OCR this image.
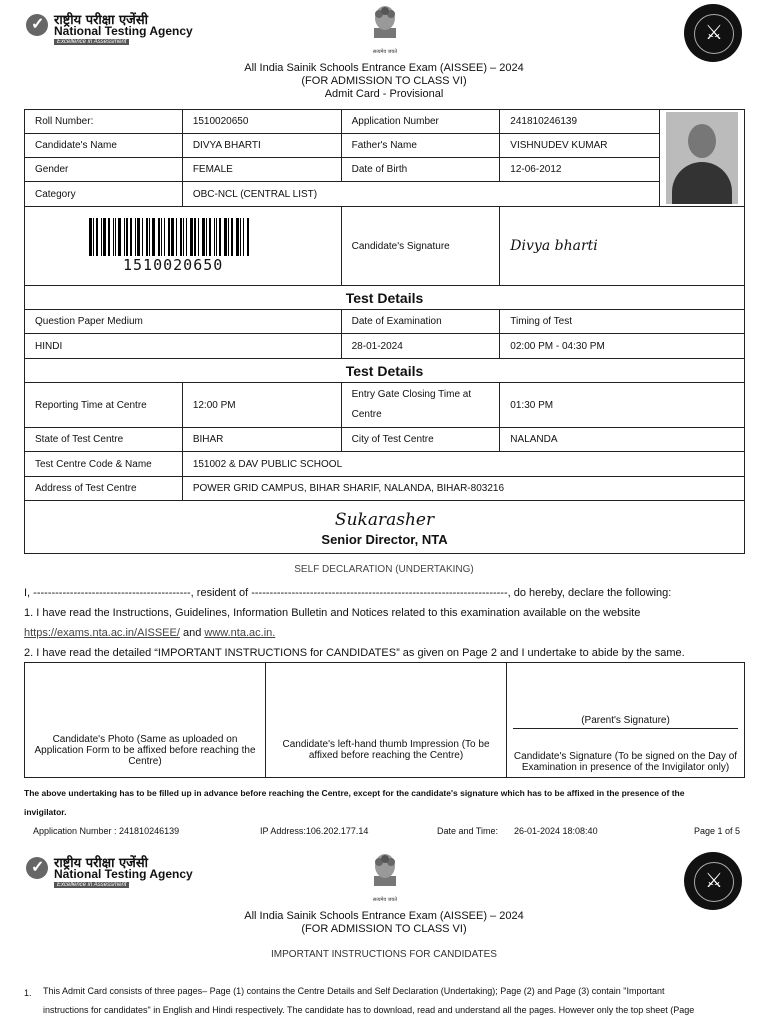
✓ राष्ट्रीय परीक्षा एजेंसी
National Testing Agency
Excellence in Assessment
सत्यमेव जयते
⚔
All India Sainik Schools Entrance Exam (AISSEE) – 2024
(FOR ADMISSION TO CLASS VI)
Admit Card - Provisional
Roll Number:	1510020650	Application Number	241810246139	

Candidate's Name	DIVYA BHARTI	Father's Name	VISHNUDEV KUMAR	
Gender	FEMALE	Date of Birth	12-06-2012	
Category	OBC-NCL (CENTRAL LIST)			

1510020650		Candidate's Signature	Divya bharti	
Test Details				
Question Paper Medium		Date of Examination	Timing of Test	
HINDI		28-01-2024	02:00 PM - 04:30 PM	
Test Details				
Reporting Time at Centre	12:00 PM	Entry Gate Closing Time at Centre	01:30 PM	
State of Test Centre	BIHAR	City of Test Centre	NALANDA	
Test Centre Code & Name	151002 & DAV PUBLIC SCHOOL			
Address of Test Centre	POWER GRID CAMPUS, BIHAR SHARIF, NALANDA, BIHAR-803216			

Sukarasher
Senior Director, NTA				
SELF DECLARATION (UNDERTAKING)
I, -------------------------------------------, resident of ----------------------------------------------------------------------, do hereby, declare the following:
1. I have read the Instructions, Guidelines, Information Bulletin and Notices related to this examination available on the website
https://exams.nta.ac.in/AISSEE/ and www.nta.ac.in.
2. I have read the detailed “IMPORTANT INSTRUCTIONS for CANDIDATES” as given on Page 2 and I undertake to abide by the same.
Candidate's Photo (Same as uploaded on Application Form to be affixed before reaching the Centre)	Candidate's left-hand thumb Impression (To be affixed before reaching the Centre)	
(Parent's Signature)
Candidate's Signature (To be signed on the Day of Examination in presence of the Invigilator only)
The above undertaking has to be filled up in advance before reaching the Centre, except for the candidate's signature which has to be affixed in the presence of the invigilator.
Application Number : 241810246139	IP Address:106.202.177.14	Date and Time: 26-01-2024 18:08:40	Page 1 of 5
✓ राष्ट्रीय परीक्षा एजेंसी
National Testing Agency
Excellence in Assessment
सत्यमेव जयते
⚔
All India Sainik Schools Entrance Exam (AISSEE) – 2024
(FOR ADMISSION TO CLASS VI)
IMPORTANT INSTRUCTIONS FOR CANDIDATES
1. This Admit Card consists of three pages– Page (1) contains the Centre Details and Self Declaration (Undertaking); Page (2) and Page (3) contain "Important
instructions for candidates" in English and Hindi respectively. The candidate has to download, read and understand all the pages. However only the top sheet (Page
